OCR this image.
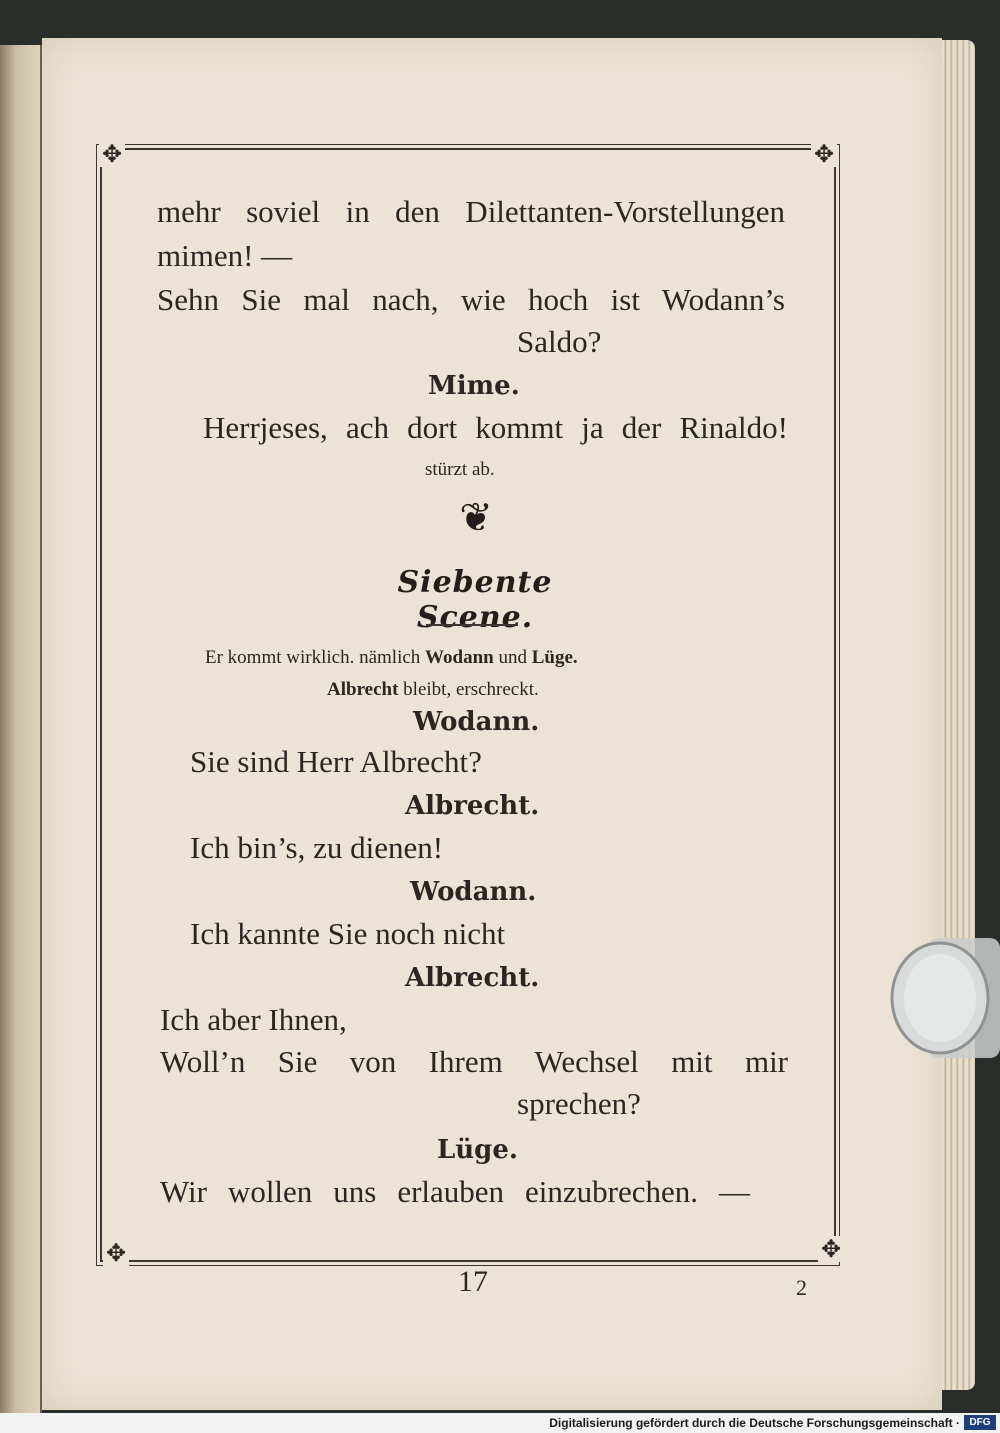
✥	✥
✥	✥
mehr soviel in den Dilettanten-Vorstellungen
mimen! —
Sehn Sie mal nach, wie hoch ist Wodann’s
Saldo?
Mime.
Herrjeses, ach dort kommt ja der Rinaldo!
stürzt ab.
❦
Siebente Scene.
Er kommt wirklich. nämlich Wodann und Lüge.
Albrecht bleibt, erschreckt.
Wodann.
Sie sind Herr Albrecht?
Albrecht.
Ich bin’s, zu dienen!
Wodann.
Ich kannte Sie noch nicht
Albrecht.
Ich aber Ihnen,
Woll’n Sie von Ihrem Wechsel mit mir
sprechen?
Lüge.
Wir wollen uns erlauben einzubrechen. —
17	2
Digitalisierung gefördert durch die Deutsche Forschungsgemeinschaft · DFG
